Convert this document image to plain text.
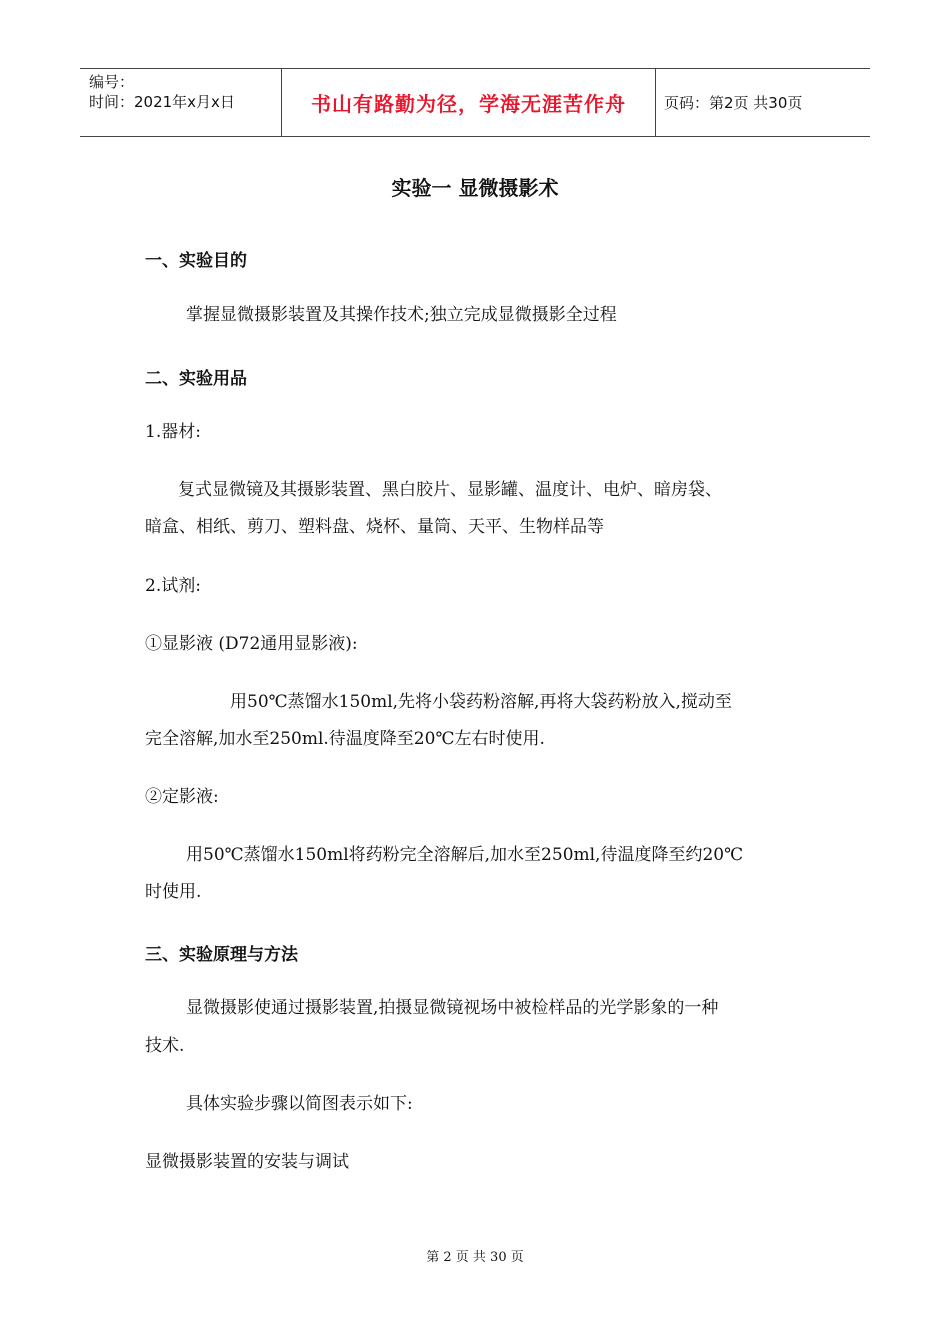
编号：
时间：2021年x月x日	书山有路勤为径，学海无涯苦作舟	页码：第2页 共30页
实验一 显微摄影术
一、实验目的

掌握显微摄影装置及其操作技术;独立完成显微摄影全过程

二、实验用品

1.器材:

复式显微镜及其摄影装置、黑白胶片、显影罐、温度计、电炉、暗房袋、

暗盒、相纸、剪刀、塑料盘、烧杯、量筒、天平、生物样品等

2.试剂:

①显影液 (D72通用显影液):

用50℃蒸馏水150ml,先将小袋药粉溶解,再将大袋药粉放入,搅动至

完全溶解,加水至250ml.待温度降至20℃左右时使用.

②定影液:

用50℃蒸馏水150ml将药粉完全溶解后,加水至250ml,待温度降至约20℃

时使用.

三、实验原理与方法

显微摄影使通过摄影装置,拍摄显微镜视场中被检样品的光学影象的一种

技术.

具体实验步骤以简图表示如下:

显微摄影装置的安装与调试

第 2 页 共 30 页
